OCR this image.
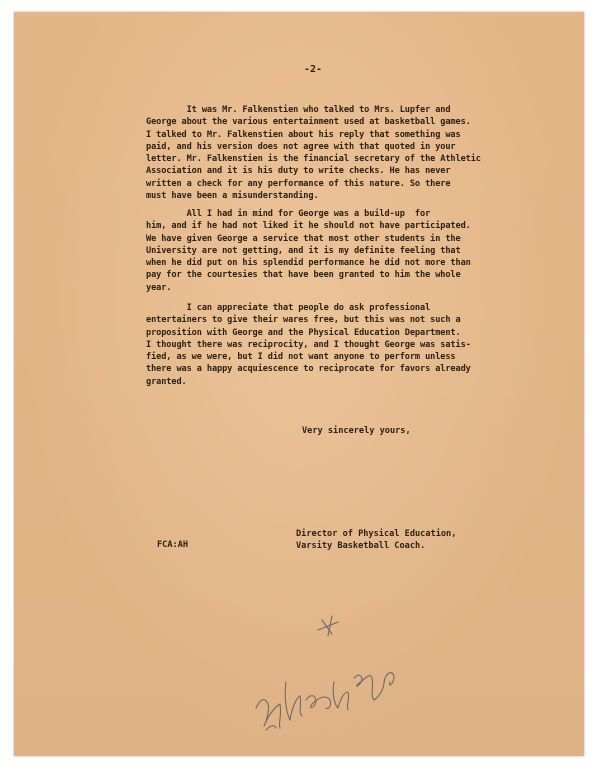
-2-
It was Mr. Falkenstien who talked to Mrs. Lupfer and
George about the various entertainment used at basketball games.
I talked to Mr. Falkenstien about his reply that something was
paid, and his version does not agree with that quoted in your
letter. Mr. Falkenstien is the financial secretary of the Athletic
Association and it is his duty to write checks. He has never
written a check for any performance of this nature. So there
must have been a misunderstanding.
All I had in mind for George was a build-up  for
him, and if he had not liked it he should not have participated.
We have given George a service that most other students in the
University are not getting, and it is my definite feeling that
when he did put on his splendid performance he did not more than
pay for the courtesies that have been granted to him the whole
year.
I can appreciate that people do ask professional
entertainers to give their wares free, but this was not such a
proposition with George and the Physical Education Department.
I thought there was reciprocity, and I thought George was satis-
fied, as we were, but I did not want anyone to perform unless
there was a happy acquiescence to reciprocate for favors already
granted.
Very sincerely yours,
Director of Physical Education,
Varsity Basketball Coach.
FCA:AH
